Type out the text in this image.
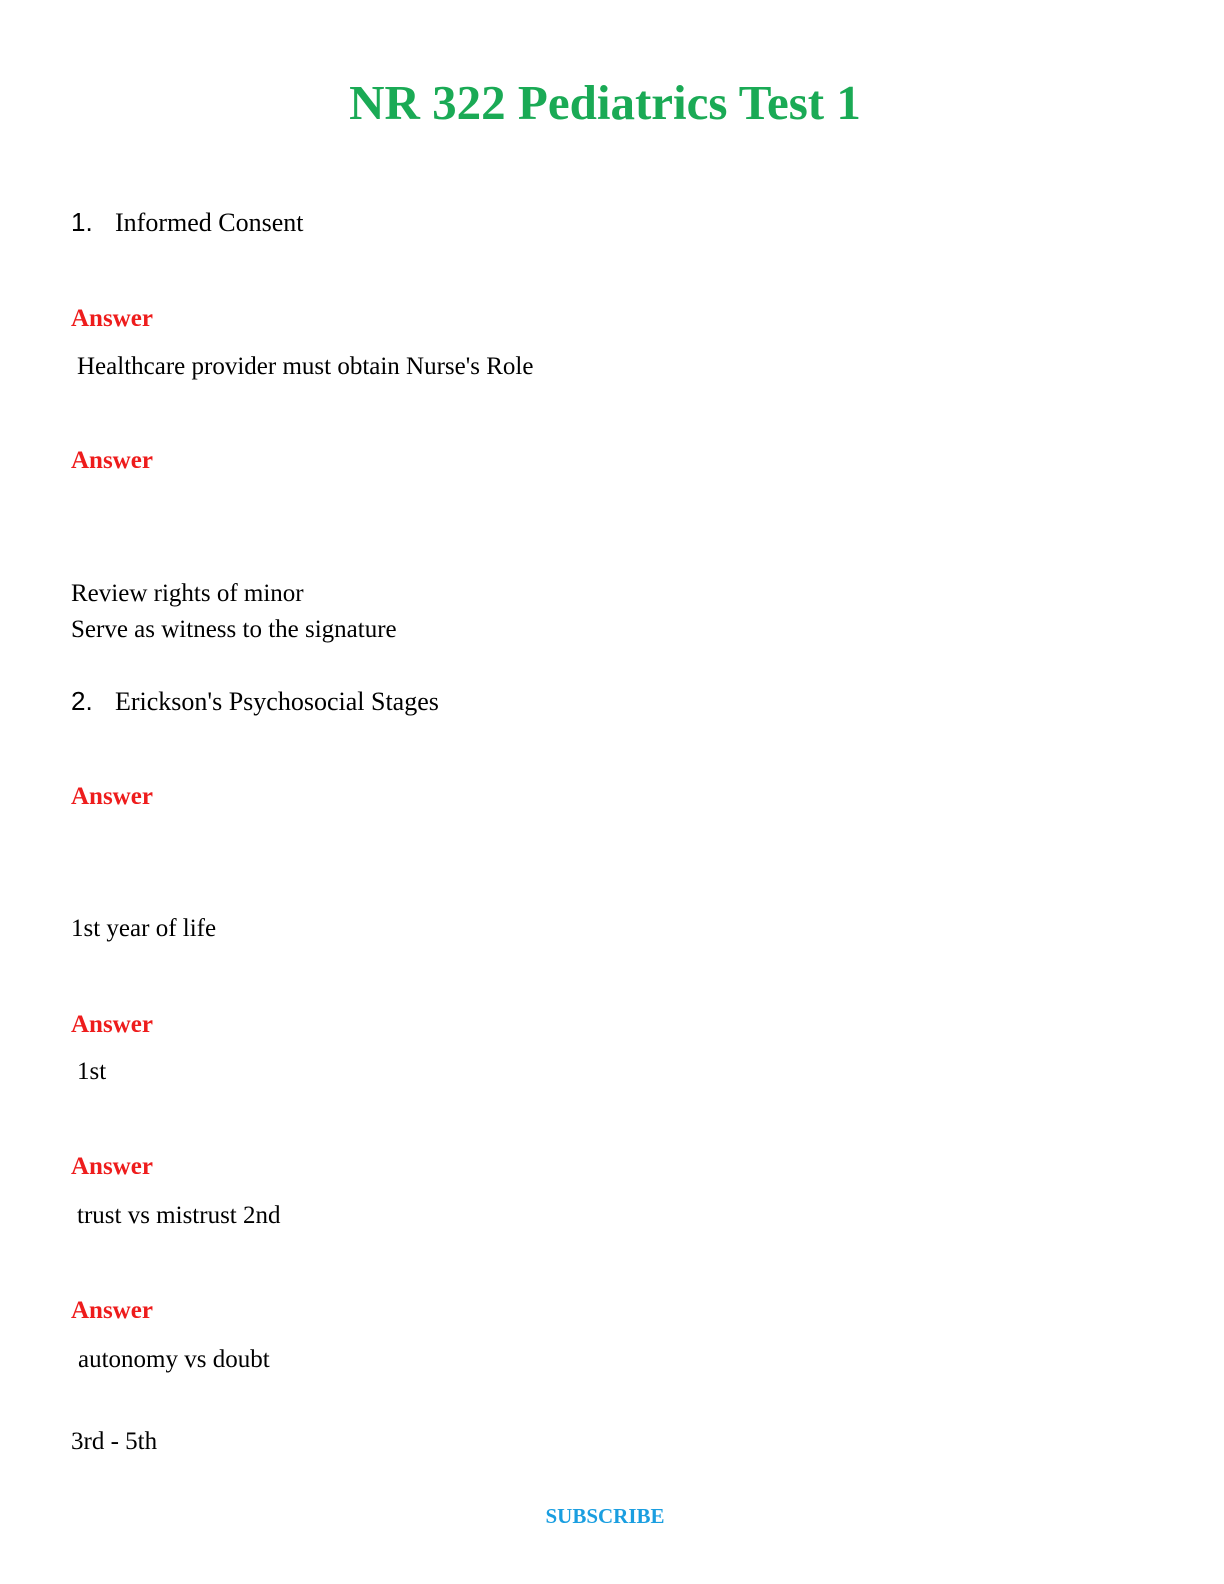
NR 322 Pediatrics Test 1
1. Informed Consent
Answer
Healthcare provider must obtain Nurse's Role
Answer
Review rights of minor
Serve as witness to the signature
2. Erickson's Psychosocial Stages
Answer
1st year of life
Answer
1st
Answer
trust vs mistrust 2nd
Answer
autonomy vs doubt
3rd - 5th
SUBSCRIBE
